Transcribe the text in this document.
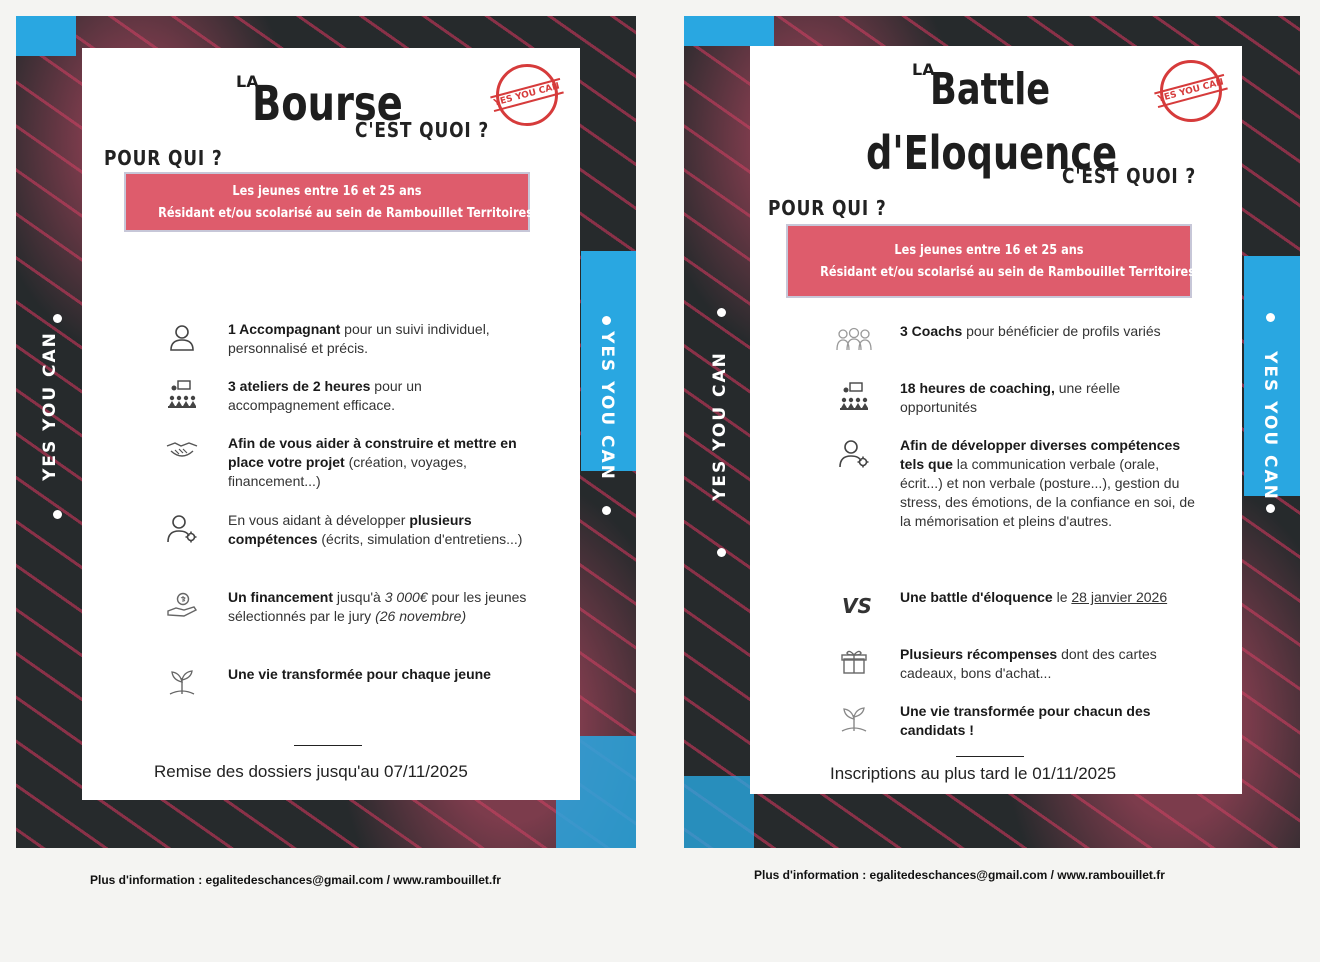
YES YOU CAN	YES YOU CAN
LA
Bourse
C'EST QUOI ?
YES YOU CAN
POUR QUI ?
Les jeunes entre 16 et 25 ans
Résidant et/ou scolarisé au sein de Rambouillet Territoires.
1 Accompagnant pour un suivi individuel, personnalisé et précis.
3 ateliers de 2 heures pour un accompagnement efficace.
Afin de vous aider à construire et mettre en place votre projet (création, voyages, financement...)
En vous aidant à développer plusieurs compétences (écrits, simulation d'entretiens...)
Un financement jusqu'à 3 000€ pour les jeunes sélectionnés par le jury (26 novembre)
Une vie transformée pour chaque jeune
Remise des dossiers jusqu'au 07/11/2025
Plus d'information : egalitedeschances@gmail.com / www.rambouillet.fr
YES YOU CAN	YES YOU CAN
LA
Battle
d'Eloquence
C'EST QUOI ?
YES YOU CAN
POUR QUI ?
Les jeunes entre 16 et 25 ans
Résidant et/ou scolarisé au sein de Rambouillet Territoires.
3 Coachs pour bénéficier de profils variés
18 heures de coaching, une réelle opportunités
Afin de développer diverses compétences tels que la communication verbale (orale, écrit...) et non verbale (posture...), gestion du stress, des émotions, de la confiance en soi, de la mémorisation et pleins d'autres.
VS Une battle d'éloquence le 28 janvier 2026
Plusieurs récompenses dont des cartes cadeaux, bons d'achat...
Une vie transformée pour chacun des candidats !
Inscriptions au plus tard le 01/11/2025
Plus d'information : egalitedeschances@gmail.com / www.rambouillet.fr
